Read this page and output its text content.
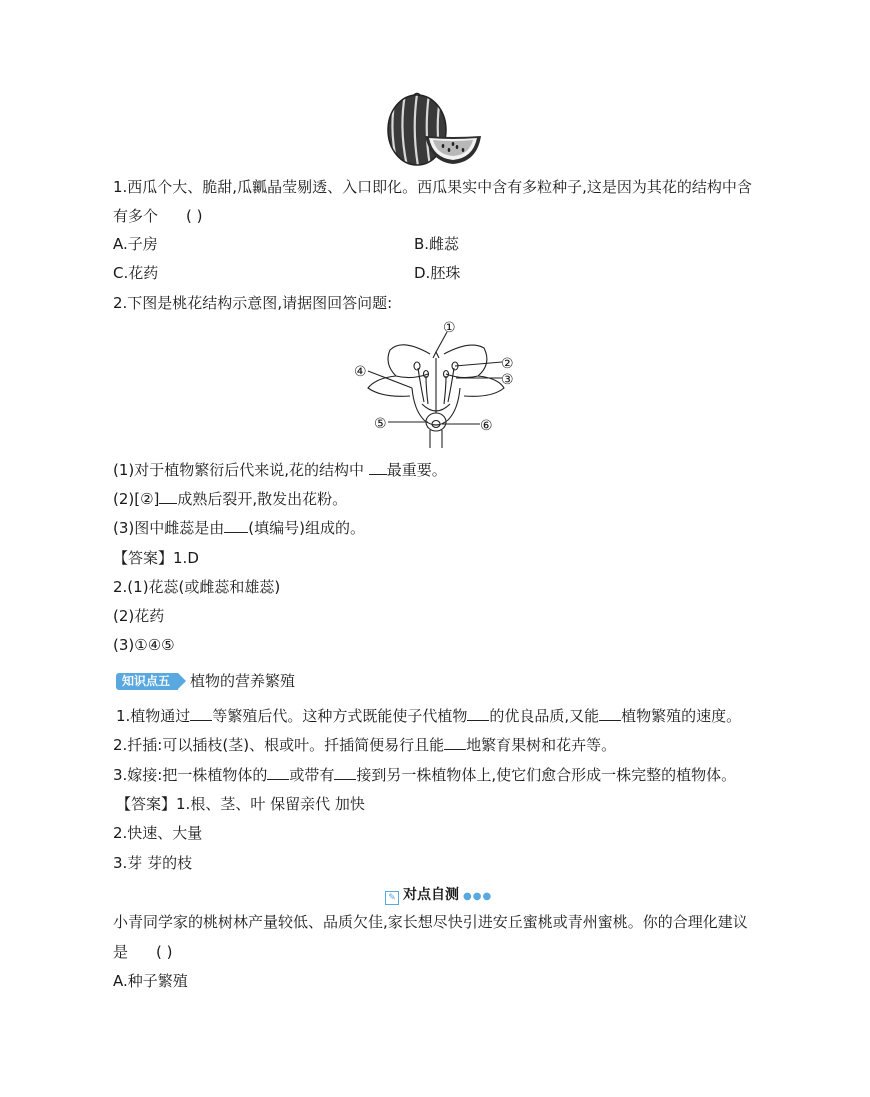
1.西瓜个大、脆甜,瓜瓤晶莹剔透、入口即化。西瓜果实中含有多粒种子,这是因为其花的结构中含
有多个 ( )
A.子房	B.雌蕊
C.花药	D.胚珠
2.下图是桃花结构示意图,请据图回答问题:
①
②
③
④
⑤	⑥
(1)对于植物繁衍后代来说,花的结构中 最重要。
(2)[②] 成熟后裂开,散发出花粉。
(3)图中雌蕊是由 (填编号)组成的。
【答案】1.D
2.(1)花蕊(或雌蕊和雄蕊)
(2)花药
(3)①④⑤
知识点五 植物的营养繁殖
1.植物通过 等繁殖后代。这种方式既能使子代植物 的优良品质,又能 植物繁殖的速度。
2.扦插:可以插枝(茎)、根或叶。扦插简便易行且能 地繁育果树和花卉等。
3.嫁接:把一株植物体的 或带有 接到另一株植物体上,使它们愈合形成一株完整的植物体。
【答案】1.根、茎、叶 保留亲代 加快
2.快速、大量
3.芽 芽的枝
✎ 对点自测 ●●●
小青同学家的桃树林产量较低、品质欠佳,家长想尽快引进安丘蜜桃或青州蜜桃。你的合理化建议
是 ( )
A.种子繁殖
